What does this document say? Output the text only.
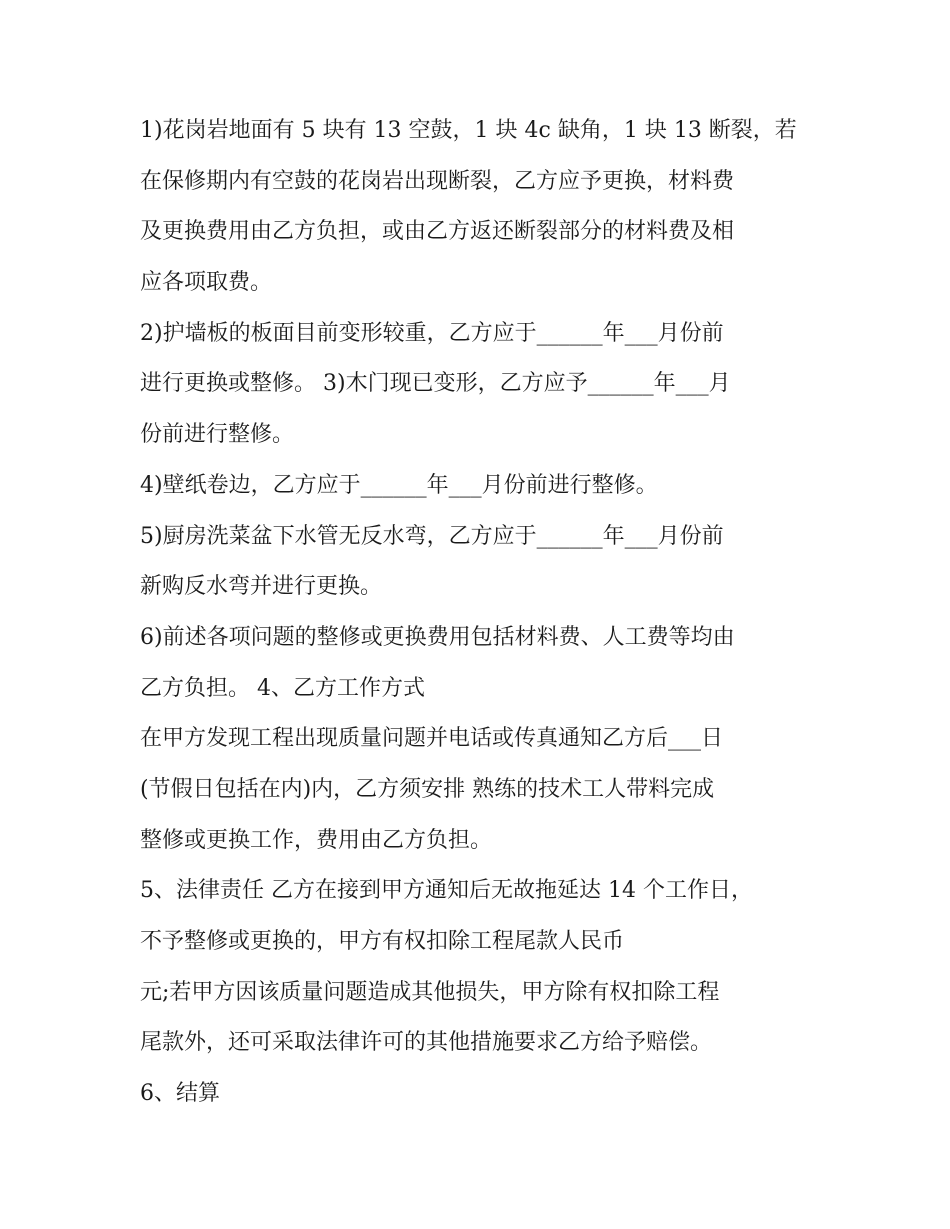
1)花岗岩地面有 5 块有 13 空鼓，1 块 4c 缺角，1 块 13 断裂，若
在保修期内有空鼓的花岗岩出现断裂，乙方应予更换，材料费
及更换费用由乙方负担，或由乙方返还断裂部分的材料费及相
应各项取费。
2)护墙板的板面目前变形较重，乙方应于______年___月份前
进行更换或整修。 3)木门现已变形，乙方应予______年___月
份前进行整修。
4)壁纸卷边，乙方应于______年___月份前进行整修。
5)厨房洗菜盆下水管无反水弯，乙方应于______年___月份前
新购反水弯并进行更换。
6)前述各项问题的整修或更换费用包括材料费、人工费等均由
乙方负担。 4、乙方工作方式
在甲方发现工程出现质量问题并电话或传真通知乙方后___日
(节假日包括在内)内，乙方须安排 熟练的技术工人带料完成
整修或更换工作，费用由乙方负担。
5、法律责任 乙方在接到甲方通知后无故拖延达 14 个工作日，
不予整修或更换的，甲方有权扣除工程尾款人民币
元;若甲方因该质量问题造成其他损失，甲方除有权扣除工程
尾款外，还可采取法律许可的其他措施要求乙方给予赔偿。
6、结算
